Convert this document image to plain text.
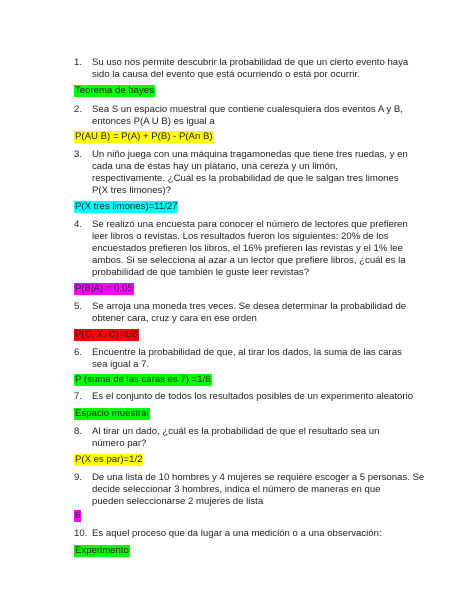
1. Su uso nos permite descubrir la probabilidad de que un cierto evento haya
sido la causa del evento que está ocurriendo o está por ocurrir.
Teorema de bayes
2. Sea S un espacio muestral que contiene cualesquiera dos eventos A y B,
entonces P(A U B) es igual a
P(AU B) = P(A) + P(B) - P(An B)
3. Un niño juega con una máquina tragamonedas que tiene tres ruedas, y en
cada una de éstas hay un plátano, una cereza y un limón,
respectivamente. ¿Cuál es la probabilidad de que le salgan tres limones
P(X tres limones)?
P(X tres limones)=11/27
4. Se realizó una encuesta para conocer el número de lectores que prefieren
leer libros o revistas. Los resultados fueron los siguientes: 20% de los
encuestados prefieren los libros, el 16% prefieren las revistas y el 1% lee
ambos. Si se selecciona al azar a un lector que prefiere libros, ¿cuál es la
probabilidad de que también le guste leer revistas?
P(B|A) = 0.05
5. Se arroja una moneda tres veces. Se desea determinar la probabilidad de
obtener cara, cruz y cara en ese orden
P(C, X, C)=1/8
6. Encuentre la probabilidad de que, al tirar los dados, la suma de las caras
sea igual a 7.
P (suma de las caras es 7) =1/6
7. Es el conjunto de todos los resultados posibles de un experimento aleatorio
Espacio muestral
8. Al tirar un dado, ¿cuál es la probabilidad de que el resultado sea un
número par?
P(X es par)=1/2
9. De una lista de 10 hombres y 4 mujeres se requiere escoger a 5 personas. Se
decide seleccionar 3 hombres, indica el número de maneras en que
pueden seleccionarse 2 mujeres de lista
6
10. Es aquel proceso que da lugar a una medición o a una observación:
Experimento
